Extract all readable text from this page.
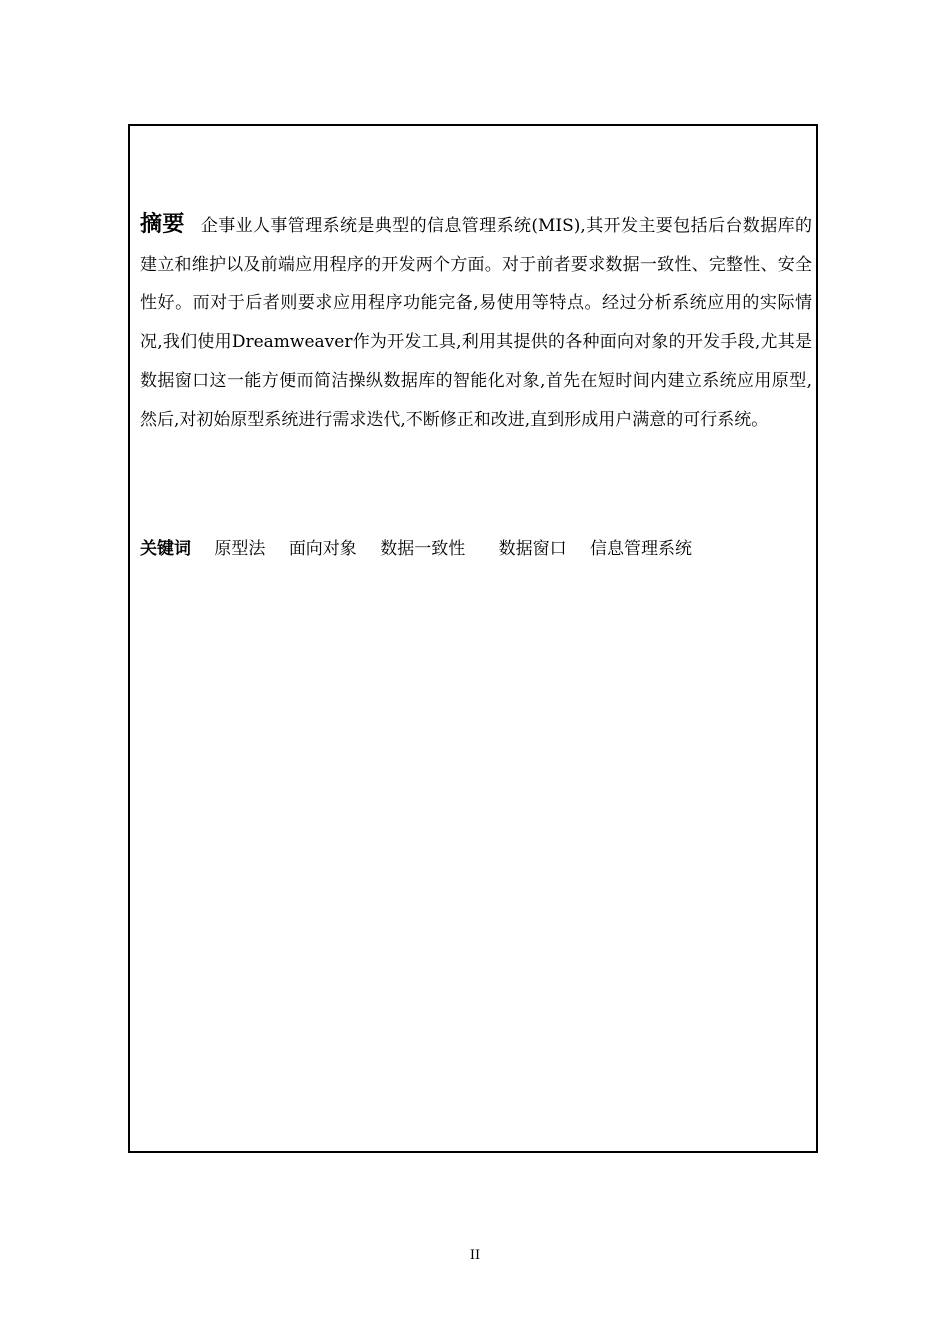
摘要 企事业人事管理系统是典型的信息管理系统(MIS),其开发主要包括后台数据库的建立和维护以及前端应用程序的开发两个方面。对于前者要求数据一致性、完整性、安全性好。而对于后者则要求应用程序功能完备,易使用等特点。经过分析系统应用的实际情况,我们使用Dreamweaver作为开发工具,利用其提供的各种面向对象的开发手段,尤其是数据窗口这一能方便而简洁操纵数据库的智能化对象,首先在短时间内建立系统应用原型,然后,对初始原型系统进行需求迭代,不断修正和改进,直到形成用户满意的可行系统。

关键词 原型法 面向对象 数据一致性 数据窗口 信息管理系统
II
